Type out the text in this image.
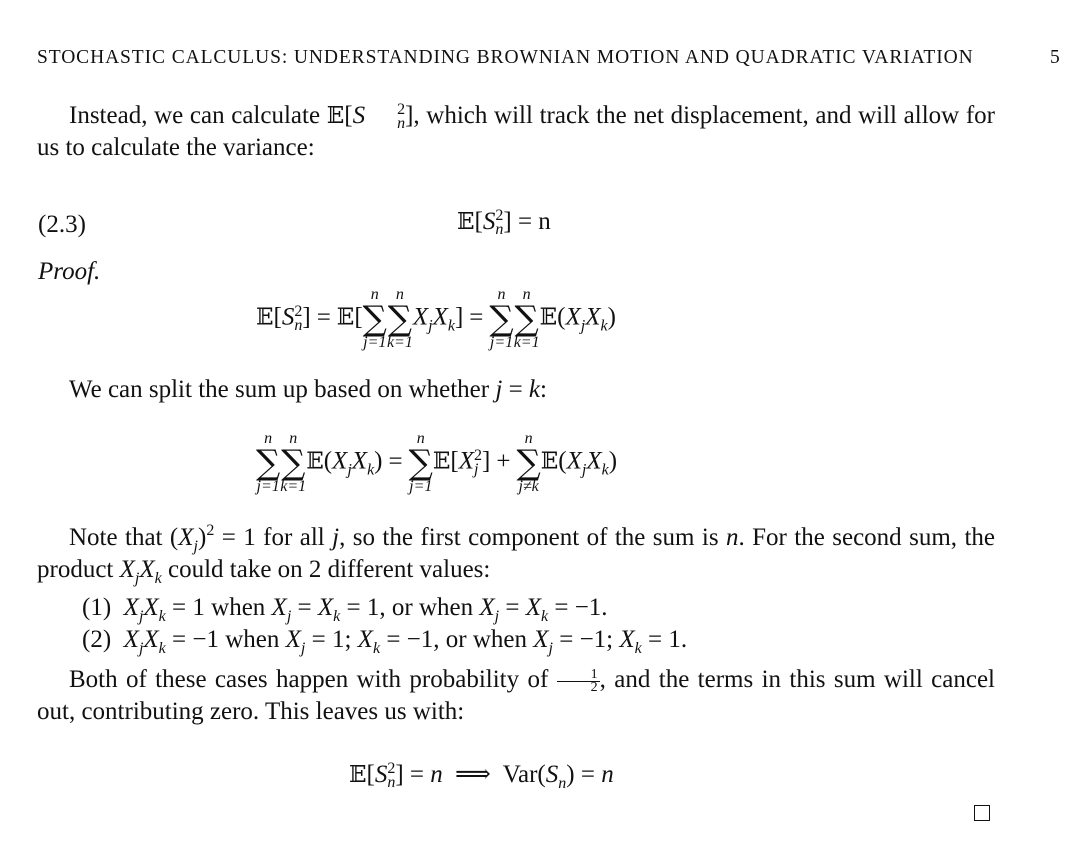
STOCHASTIC CALCULUS: UNDERSTANDING BROWNIAN MOTION AND QUADRATIC VARIATION	5
Instead, we can calculate 𝔼[S	2
n ], which will track the net displacement, and will allow for us to calculate the variance:
(2.3)	𝔼[S 2
n ] = n
Proof.
𝔼[S 2
n ] = 𝔼[
n
∑
j=1
n
∑
k=1
$X_jX_k$] =
n
∑
j=1
n
∑
k=1
$𝔼(X_jX_k)$
We can split the sum up based on whether j = k:
n
∑
j=1
n
∑
k=1
$𝔼(X_jX_k)$ =
n
∑
j=1
𝔼[X 2
j ] +
n
∑
j≠k
$𝔼(X_jX_k)$
Note that $(X_j)^2 = 1$ for all j, so the first component of the sum is n. For the second sum, the product $X_jX_k$ could take on 2 different values:
(1) $X_jX_k = 1$ when $X_j = X_k = 1$, or when $X_j = X_k = -1$.
(2) $X_jX_k = -1$ when $X_j = 1$; $X_k = -1$, or when $X_j = -1$; $X_k = 1$.
Both of these cases happen with probability of $\frac{1}{2}$ , and the terms in this sum will cancel out, contributing zero. This leaves us with:
𝔼[S 2
n ] = n ⟹ $Var(S_n) = n$
